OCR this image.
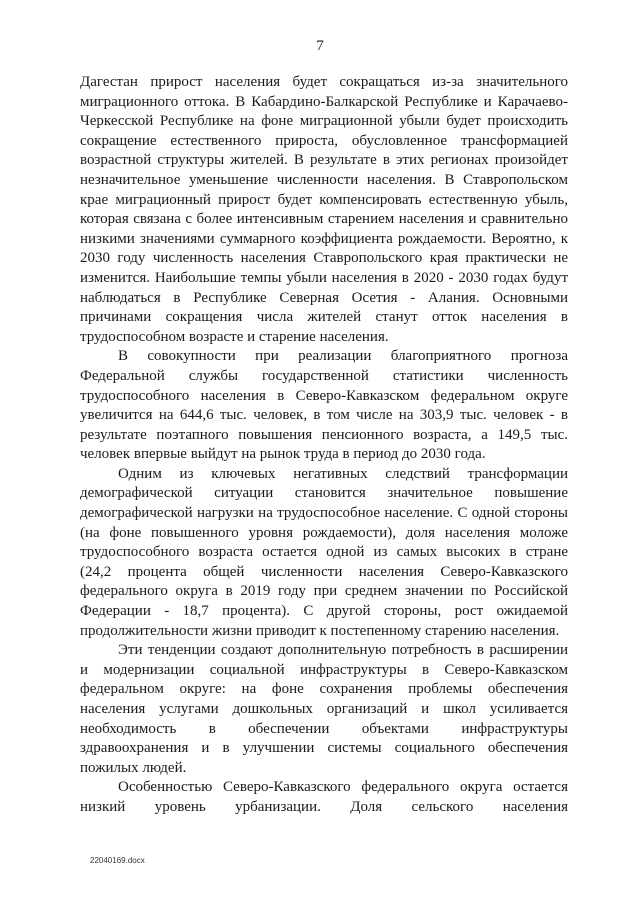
7

Дагестан прирост населения будет сокращаться из-за значительного
миграционного оттока. В Кабардино-Балкарской Республике и Карачаево-
Черкесской Республике на фоне миграционной убыли будет происходить
сокращение естественного прироста, обусловленное трансформацией
возрастной структуры жителей. В результате в этих регионах произойдет
незначительное уменьшение численности населения. В Ставропольском
крае миграционный прирост будет компенсировать естественную убыль,
которая связана с более интенсивным старением населения и сравнительно
низкими значениями суммарного коэффициента рождаемости. Вероятно, к
2030 году численность населения Ставропольского края практически не
изменится. Наибольшие темпы убыли населения в 2020 - 2030 годах будут
наблюдаться в Республике Северная Осетия - Алания. Основными
причинами сокращения числа жителей станут отток населения в
трудоспособном возрасте и старение населения.

В совокупности при реализации благоприятного прогноза
Федеральной службы государственной статистики численность
трудоспособного населения в Северо-Кавказском федеральном округе
увеличится на 644,6 тыс. человек, в том числе на 303,9 тыс. человек - в
результате поэтапного повышения пенсионного возраста, а 149,5 тыс.
человек впервые выйдут на рынок труда в период до 2030 года.

Одним из ключевых негативных следствий трансформации
демографической ситуации становится значительное повышение
демографической нагрузки на трудоспособное население. С одной стороны
(на фоне повышенного уровня рождаемости), доля населения моложе
трудоспособного возраста остается одной из самых высоких в стране
(24,2 процента общей численности населения Северо-Кавказского
федерального округа в 2019 году при среднем значении по Российской
Федерации - 18,7 процента). С другой стороны, рост ожидаемой
продолжительности жизни приводит к постепенному старению населения.

Эти тенденции создают дополнительную потребность в расширении
и модернизации социальной инфраструктуры в Северо-Кавказском
федеральном округе: на фоне сохранения проблемы обеспечения
населения услугами дошкольных организаций и школ усиливается
необходимость в обеспечении объектами инфраструктуры
здравоохранения и в улучшении системы социального обеспечения
пожилых людей.

Особенностью Северо-Кавказского федерального округа остается
низкий уровень урбанизации. Доля сельского населения

22040169.docx
